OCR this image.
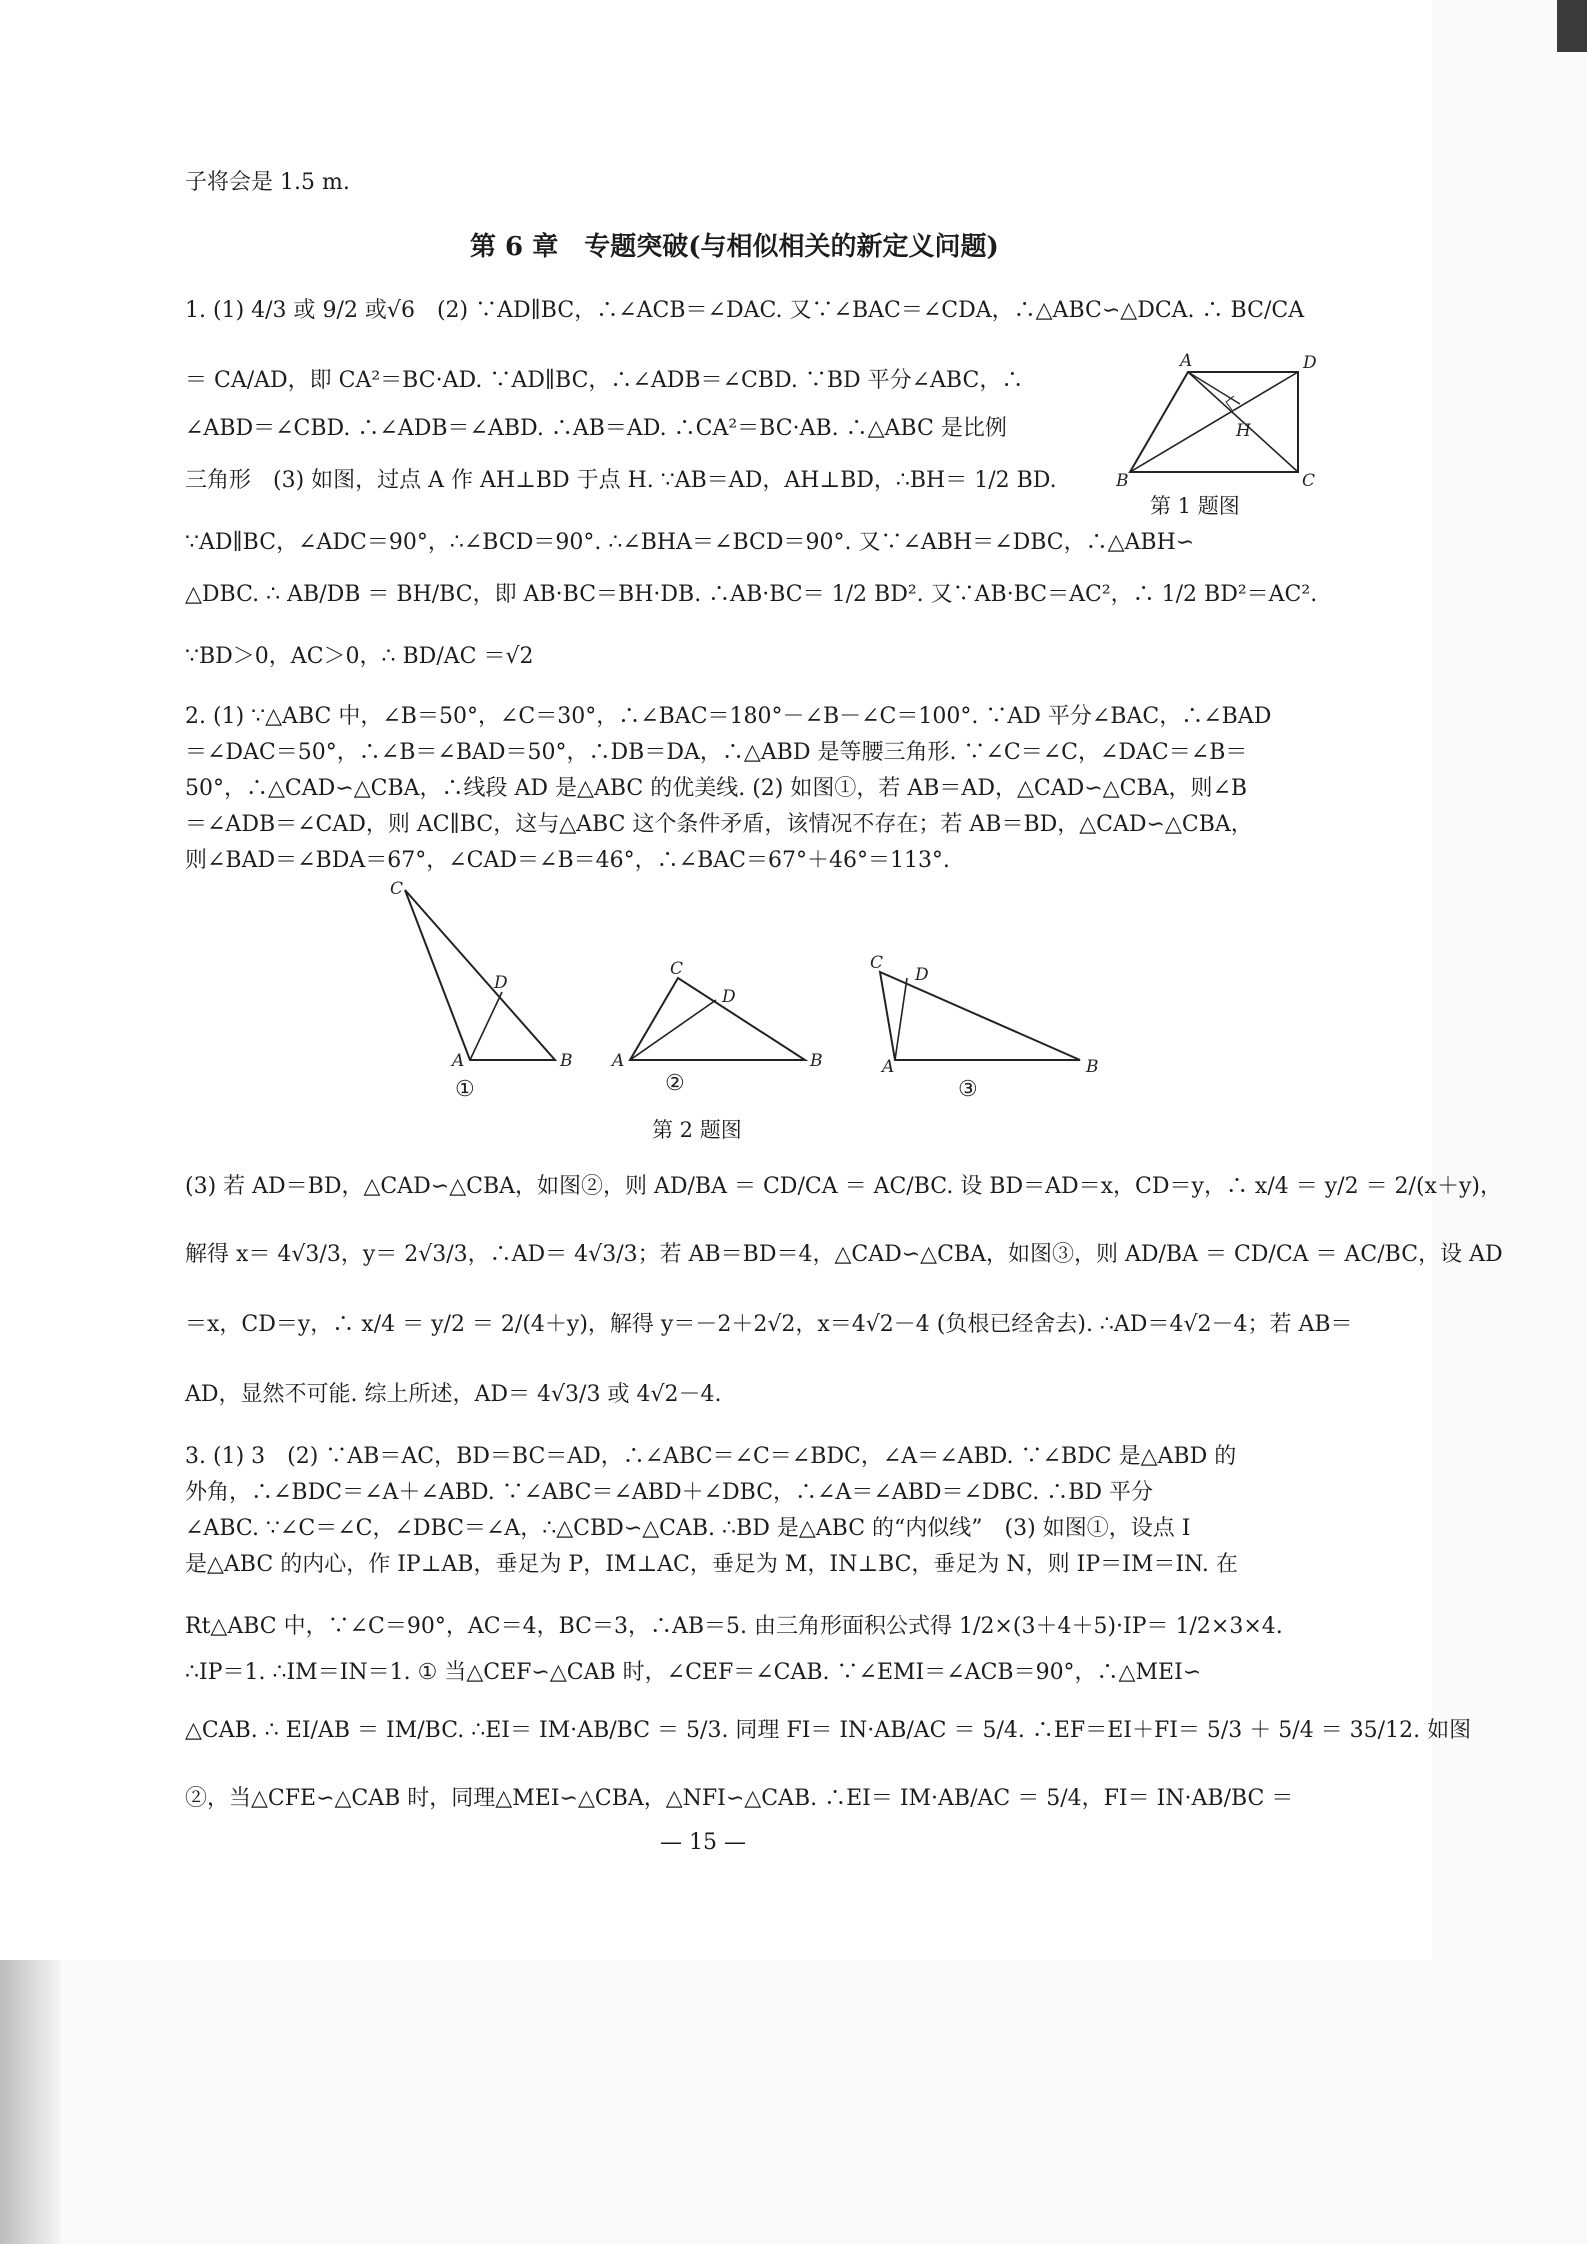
子将会是 1.5 m.
第 6 章　专题突破(与相似相关的新定义问题)
1. (1) 4/3 或 9/2 或√6　(2) ∵AD∥BC，∴∠ACB＝∠DAC. 又∵∠BAC＝∠CDA，∴△ABC∽△DCA. ∴ BC/CA
＝ CA/AD，即 CA²＝BC·AD. ∵AD∥BC，∴∠ADB＝∠CBD. ∵BD 平分∠ABC，∴
∠ABD＝∠CBD. ∴∠ADB＝∠ABD. ∴AB＝AD. ∴CA²＝BC·AB. ∴△ABC 是比例
三角形　(3) 如图，过点 A 作 AH⊥BD 于点 H. ∵AB＝AD，AH⊥BD，∴BH＝ 1/2 BD.
∵AD∥BC，∠ADC＝90°，∴∠BCD＝90°. ∴∠BHA＝∠BCD＝90°. 又∵∠ABH＝∠DBC，∴△ABH∽
△DBC. ∴ AB/DB ＝ BH/BC，即 AB·BC＝BH·DB. ∴AB·BC＝ 1/2 BD². 又∵AB·BC＝AC²，∴ 1/2 BD²＝AC².
∵BD＞0，AC＞0，∴ BD/AC ＝√2
A	D
B	C
H
第 1 题图
2. (1) ∵△ABC 中，∠B＝50°，∠C＝30°，∴∠BAC＝180°－∠B－∠C＝100°. ∵AD 平分∠BAC，∴∠BAD
＝∠DAC＝50°，∴∠B＝∠BAD＝50°，∴DB＝DA，∴△ABD 是等腰三角形. ∵∠C＝∠C，∠DAC＝∠B＝
50°，∴△CAD∽△CBA，∴线段 AD 是△ABC 的优美线. (2) 如图①，若 AB＝AD，△CAD∽△CBA，则∠B
＝∠ADB＝∠CAD，则 AC∥BC，这与△ABC 这个条件矛盾，该情况不存在；若 AB＝BD，△CAD∽△CBA，
则∠BAD＝∠BDA＝67°，∠CAD＝∠B＝46°，∴∠BAC＝67°＋46°＝113°.
C
D
A	B
①
C
D
A	B
②
C
D
A	B
③
第 2 题图
(3) 若 AD＝BD，△CAD∽△CBA，如图②，则 AD/BA ＝ CD/CA ＝ AC/BC. 设 BD＝AD＝x，CD＝y，∴ x/4 ＝ y/2 ＝ 2/(x＋y)，
解得 x＝ 4√3/3，y＝ 2√3/3，∴AD＝ 4√3/3；若 AB＝BD＝4，△CAD∽△CBA，如图③，则 AD/BA ＝ CD/CA ＝ AC/BC，设 AD
＝x，CD＝y，∴ x/4 ＝ y/2 ＝ 2/(4＋y)，解得 y＝－2＋2√2，x＝4√2－4 (负根已经舍去). ∴AD＝4√2－4；若 AB＝
AD，显然不可能. 综上所述，AD＝ 4√3/3 或 4√2－4.
3. (1) 3　(2) ∵AB＝AC，BD＝BC＝AD，∴∠ABC＝∠C＝∠BDC，∠A＝∠ABD. ∵∠BDC 是△ABD 的
外角，∴∠BDC＝∠A＋∠ABD. ∵∠ABC＝∠ABD＋∠DBC，∴∠A＝∠ABD＝∠DBC. ∴BD 平分
∠ABC. ∵∠C＝∠C，∠DBC＝∠A，∴△CBD∽△CAB. ∴BD 是△ABC 的“内似线”　(3) 如图①，设点 I
是△ABC 的内心，作 IP⊥AB，垂足为 P，IM⊥AC，垂足为 M，IN⊥BC，垂足为 N，则 IP＝IM＝IN. 在
Rt△ABC 中，∵∠C＝90°，AC＝4，BC＝3，∴AB＝5. 由三角形面积公式得 1/2×(3＋4＋5)·IP＝ 1/2×3×4.
∴IP＝1. ∴IM＝IN＝1. ① 当△CEF∽△CAB 时，∠CEF＝∠CAB. ∵∠EMI＝∠ACB＝90°，∴△MEI∽
△CAB. ∴ EI/AB ＝ IM/BC. ∴EI＝ IM·AB/BC ＝ 5/3. 同理 FI＝ IN·AB/AC ＝ 5/4. ∴EF＝EI＋FI＝ 5/3 ＋ 5/4 ＝ 35/12. 如图
②，当△CFE∽△CAB 时，同理△MEI∽△CBA，△NFI∽△CAB. ∴EI＝ IM·AB/AC ＝ 5/4，FI＝ IN·AB/BC ＝
— 15 —
